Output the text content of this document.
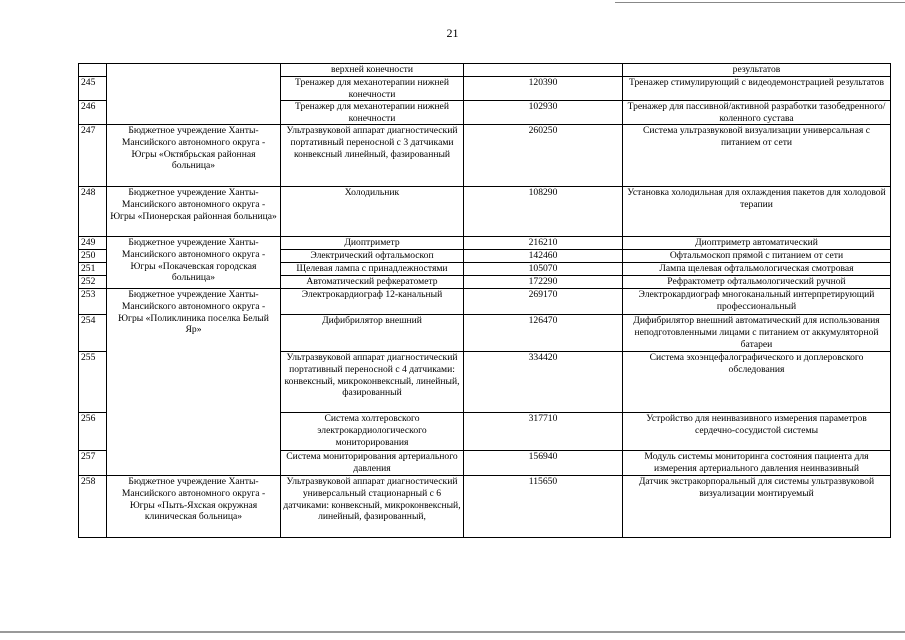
21
		верхней конечности		результатов
245		Тренажер для механотерапии нижней конечности	120390	Тренажер стимулирующий с видеодемонстрацией результатов
246		Тренажер для механотерапии нижней конечности	102930	Тренажер для пассивной/активной разработки тазобедренного/коленного сустава
247	Бюджетное учреждение Ханты-Мансийского автономного округа - Югры «Октябрьская районная больница»	Ультразвуковой аппарат диагностический портативный переносной с 3 датчиками конвексный линейный, фазированный	260250	Система ультразвуковой визуализации универсальная с питанием от сети
248	Бюджетное учреждение Ханты-Мансийского автономного округа - Югры «Пионерская районная больница»	Холодильник	108290	Установка холодильная для охлаждения пакетов для холодовой терапии
249	Бюджетное учреждение Ханты-Мансийского автономного округа - Югры «Покачевская городская больница»	Диоптриметр	216210	Диоптриметр автоматический
250		Электрический офтальмоскоп	142460	Офтальмоскоп прямой с питанием от сети
251		Щелевая лампа с принадлежностями	105070	Лампа щелевая офтальмологическая смотровая
252		Автоматический рефкератометр	172290	Рефрактометр офтальмологический ручной
253	Бюджетное учреждение Ханты-Мансийского автономного округа - Югры «Поликлиника поселка Белый Яр»	Электрокардиограф 12-канальный	269170	Электрокардиограф многоканальный интерпретирующий профессиональный
254		Дифибрилятор внешний	126470	Дифибрилятор внешний автоматический для использования неподготовленными лицами с питанием от аккумуляторной батареи
255		Ультразвуковой аппарат диагностический портативный переносной с 4 датчиками: конвексный, микроконвексный, линейный, фазированный	334420	Система эхоэнцефалографического и доплеровского обследования
256		Система холтеровского электрокардиологического мониторирования	317710	Устройство для неинвазивного измерения параметров сердечно-сосудистой системы
257		Система мониторирования артериального давления	156940	Модуль системы мониторинга состояния пациента для измерения артериального давления неинвазивный
258	Бюджетное учреждение Ханты-Мансийского автономного округа - Югры «Пыть-Яхская окружная клиническая больница»	Ультразвуковой аппарат диагностический универсальный стационарный с 6 датчиками: конвексный, микроконвексный, линейный, фазированный,	115650	Датчик экстракорпоральный для системы ультразвуковой визуализации монтируемый
